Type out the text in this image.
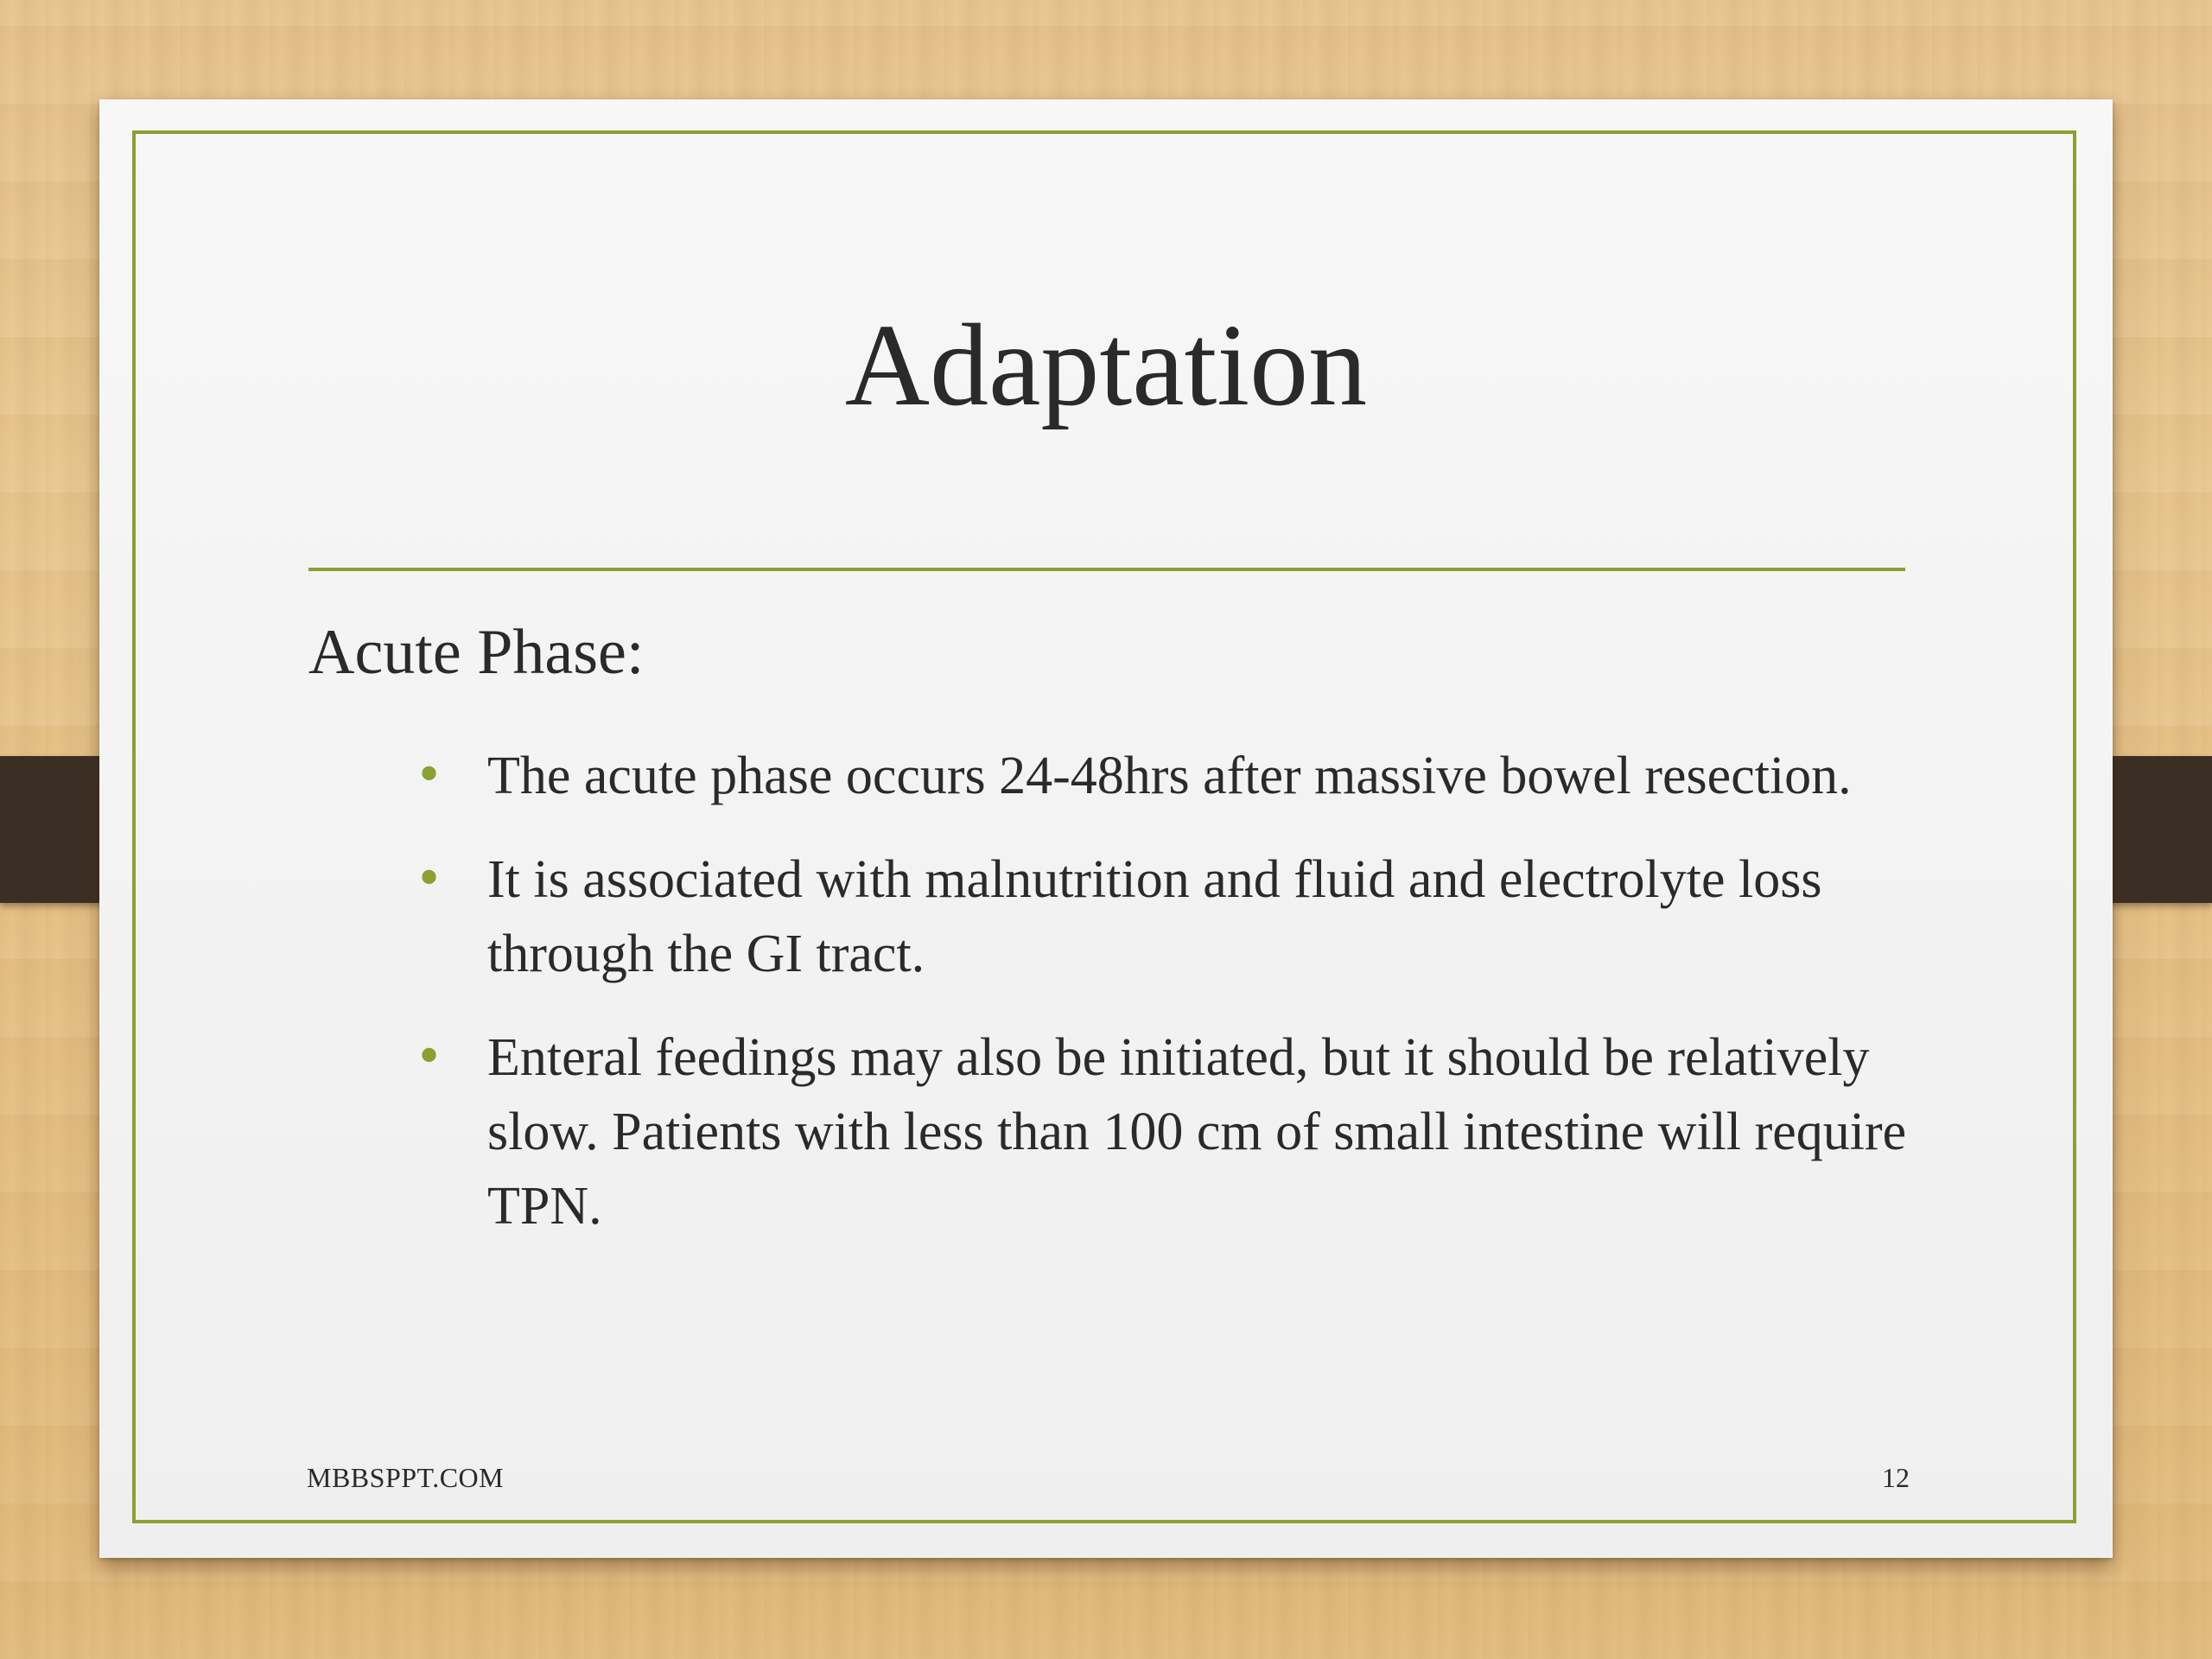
Adaptation
Acute Phase:
• The acute phase occurs 24-48hrs after massive bowel resection.
• It is associated with malnutrition and fluid and electrolyte loss through the GI tract.
• Enteral feedings may also be initiated, but it should be relatively slow. Patients with less than 100 cm of small intestine will require TPN.
MBBSPPT.COM	12
